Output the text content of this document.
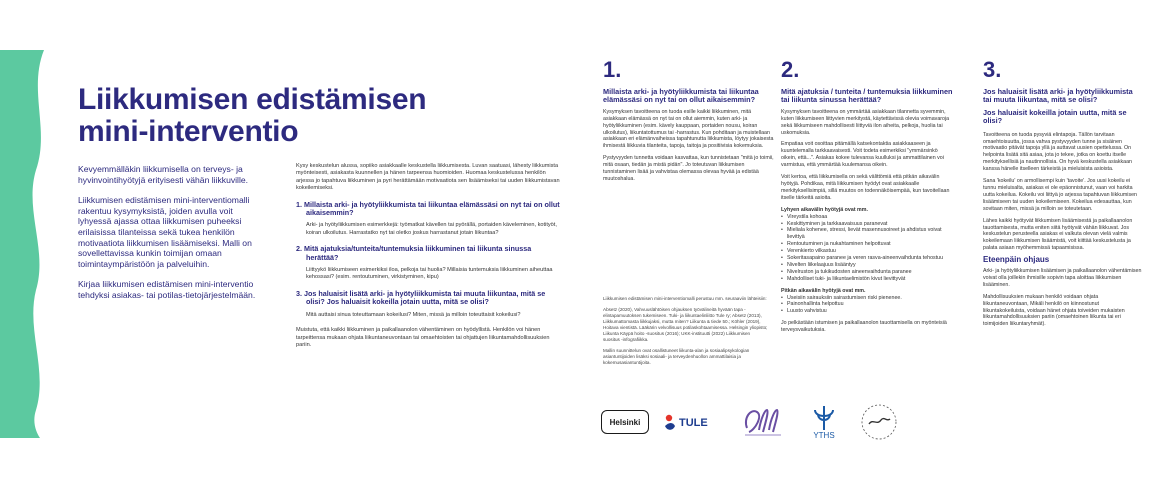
Liikkumisen edistämisen mini-interventio

Kevyemmälläkin liikkumisella on terveys- ja hyvinvointihyötyjä erityisesti vähän liikkuville.

Liikkumisen edistämisen mini-interventiomalli rakentuu kysymyksistä, joiden avulla voit lyhyessä ajassa ottaa liikkumisen puheeksi erilaisissa tilanteissa sekä tukea henkilön motivaatiota liikkumisen lisäämiseksi. Malli on sovellettavissa kunkin toimijan omaan toimintaympäristöön ja palveluihin.

Kirjaa liikkumisen edistämisen mini-interventio tehdyksi asiakas- tai potilas-tietojärjestelmään.

Kysy keskustelun alussa, sopiiko asiakkaalle keskustella liikkumisesta. Luvan saatuasi, lähesty liikkumista myönteisesti, asiakasta kuunnellen ja hänen tarpeensa huomioiden. Huomaa keskustelussa henkilön arjessa jo tapahtuva liikkuminen ja pyri herättämään motivaatiota sen lisäämiseksi tai uuden liikkumistavan kokeilemiseksi.

1. Millaista arki- ja hyötyliikkumista tai liikuntaa elämässäsi on nyt tai on ollut aikaisemmin?
Arki- ja hyötyliikkumisen esimerkkejä: työmatkat kävellen tai pyörällä, portaiden käveleminen, kotityöt, koiran ulkoilutus. Harrastatko nyt tai oletko joskus harrastanut jotain liikuntaa?
2. Mitä ajatuksia/tunteita/tuntemuksia liikkuminen tai liikunta sinussa herättää?
Liittyykö liikkumiseen esimerkiksi iloa, pelkoja tai huolia? Millaisia tuntemuksia liikkuminen aiheuttaa kehossasi? (esim. rentoutuminen, virkistyminen, kipu)
3. Jos haluaisit lisätä arki- ja hyötyliikkumista tai muuta liikuntaa, mitä se olisi? Jos haluaisit kokeilla jotain uutta, mitä se olisi?
Mitä auttaisi sinua toteuttamaan kokeilusi? Miten, missä ja milloin toteuttaisit kokeilusi?

Muistuta, että kaikki liikkuminen ja paikallaanolon vähentäminen on hyödyllistä. Henkilön voi hänen tarpeittensa mukaan ohjata liikuntaneuvontaan tai omaehtoisten tai ohjattujen liikuntamahdollisuuksien pariin.

1.
Millaista arki- ja hyötyliikkumista tai liikuntaa elämässäsi on nyt tai on ollut aikaisemmin?

Kysymyksen tavoitteena on tuoda esille kaikki liikkuminen, mitä asiakkaan elämässä on nyt tai on ollut aiemmin, kuten arki- ja hyötyliikkuminen (esim. kävely kauppaan, portaiden nousu, koiran ulkoilutus), liikuntatottumus tai -harrastus. Kun pohditaan ja muistellaan asiakkaan eri elämänvaiheissa tapahtunutta liikkumista, löytyy jokaisesta ihmisestä liikkuvia tilanteita, tapoja, taitoja ja positiivisia kokemuksia.

Pystyvyyden tunnetta voidaan kasvattaa, kun tunnistetaan "mitä jo toimii, mitä osaan, tiedän ja mistä pidän". Jo toteutuvan liikkumisen tunnistaminen lisää ja vahvistaa olemassa olevaa hyvää ja edistää muutoshalua.

Liikkumisen edistämisen mini-interventiomalli perustuu mm. seuraaviin lähteisiin:

Absetz (2020), Vahvuuslähtöisen ohjauksen työvälineitä hyvään tapa -elintapamuutoksen tukemiseen. Tuki- ja liikuntaelinliitto Tule ry; Absetz (2013), Liikkumattomasta liikkujaksi, mutta miten? Liikunta & tiede 50.; Köhler (2019), Hoitava vientistä. Lääkärin velvollisuus potilaskohtaamisessa. Helsingin yliopisto; Liikunta Käypä hoito -suositus (2016); UKK-instituutti (2022) Liikkumisen suositus -infografiikka.

Mallin suunnittelun ovat osallistuneet liikunta-alan ja sosiaalipsykologian asiantuntijoiden lisäksi sosiaali- ja terveydenhuollon ammattilaisia ja kokemusasiantuntijoita.

2.
Mitä ajatuksia / tunteita / tuntemuksia liikkuminen tai liikunta sinussa herättää?

Kysymyksen tavoitteena on ymmärtää asiakkaan tilannetta syvemmin, kuten liikkumiseen liittyvien merkitystä, käytettävissä olevia voimavaroja sekä liikkumiseen mahdollisesti liittyviä ilon aiheita, pelkoja, huolia tai uskomuksia.

Empatiaa voit osoittaa pitämällä katsekontaktia asiakkaaseen ja kuuntelemalla tarkkaavaisesti. Voit todeta esimerkiksi "ymmärsinkö oikein, että...". Asiakas kokee tulevansa kuulluksi ja ammattilainen voi varmistua, että ymmärtää kuulemansa oikein.

Voit kertoa, että liikkumisella on sekä välittömiä että pitkän aikavälin hyötyjä. Pohdikaa, mitä liikkumisen hyödyt ovat asiakkaalle merkityksellisimpiä, sillä muutos on todennäköisempää, kun tavoitellaan itselle tärkeitä asioita.

Lyhyen aikavälin hyötyjä ovat mm.
• Vireystila kohoaa
• Keskittyminen ja tarkkaavaisuus paranevat
• Mieliala kohenee, stressi, lievät masennusoireet ja ahdistus voivat lievittyä
• Rentoutuminen ja nukahtaminen helpottuvat
• Verenkierto vilkastuu
• Sokeritasapaino paranee ja veren rasva-aineenvaihdunta tehostuu
• Nivelten liikelaajuus lisääntyy
• Nivelruston ja tukikudosten aineenvaihdunta paranee
• Mahdolliset tuki- ja liikuntaelimistön kivut lievittyvät
Pitkän aikavälin hyötyjä ovat mm.
• Useisiin sairauksiin sairastumisen riski pienenee.
• Painonhallinta helpottuu
• Luusto vahvistuu

Jo pelkästään istumisen ja paikallaanolon tauottamisella on myönteisiä terveysvaikutuksia.

3.
Jos haluaisit lisätä arki- ja hyötyliikkumista tai muuta liikuntaa, mitä se olisi?
Jos haluaisit kokeilla jotain uutta, mitä se olisi?

Tavoitteena on tuoda pysyviä elintapoja. Tällön tarvitaan omaehtoisuutta, jossa vahva pystyvyyden tunne ja sisäinen motivaatio pitävät tapoja yllä ja auttavat uusien opettelussa. On helpointa lisätä sitä asiaa, jota jo tekee, jotka on koettu itselle merkityksellisiä ja nautinnollisia. On hyvä keskustella asiakkaan kanssa hänelle itselleen tärkeistä ja mieluisista asioista.

Sana 'kokeilu' on armollisempi kuin 'tavoite'. Jos uusi kokeilu ei tunnu mieluisalta, asiakas ei ole epäonnistunut, vaan voi harkita uutta kokeilua. Kokeilu voi liittyä jo arjessa tapahtuvan liikkumisen lisäämiseen tai uuden kokeilemiseen. Kokeilua edesauttaa, kun sovitaan miten, missä ja milloin se toteutetaan.

Lähes kaikki hyötyvät liikkumisen lisäämisestä ja paikallaanolon tauottamisesta, mutta eniten siitä hyötyvät vähän liikkuvat. Jos keskustelun perusteella asiakas ei valkuta olevan vielä valmis kokeilemaan liikkumisen lisäämistä, voit kiittää keskustelusta ja palata asiaan myöhemmissä tapaamisissa.

Eteenpäin ohjaus

Arki- ja hyötyliikkumisen lisäämisen ja paikallaanolon vähentämisen voivat olla joillekin ihmisille sopivin tapa aloittaa liikkumisen lisääminen.

Mahdollisuuksien mukaan henkilö voidaan ohjata liikuntaneuvontaan, Mikäli henkilö on kiinnostunut liikuntakokeiluista, voidaan hänet ohjata toiveiden mukaisten liikuntamahdollisuuksien pariin (omaehtoinen liikunta tai eri toimijoiden liikuntaryhmät).

Helsinki	TULE
YTHS
